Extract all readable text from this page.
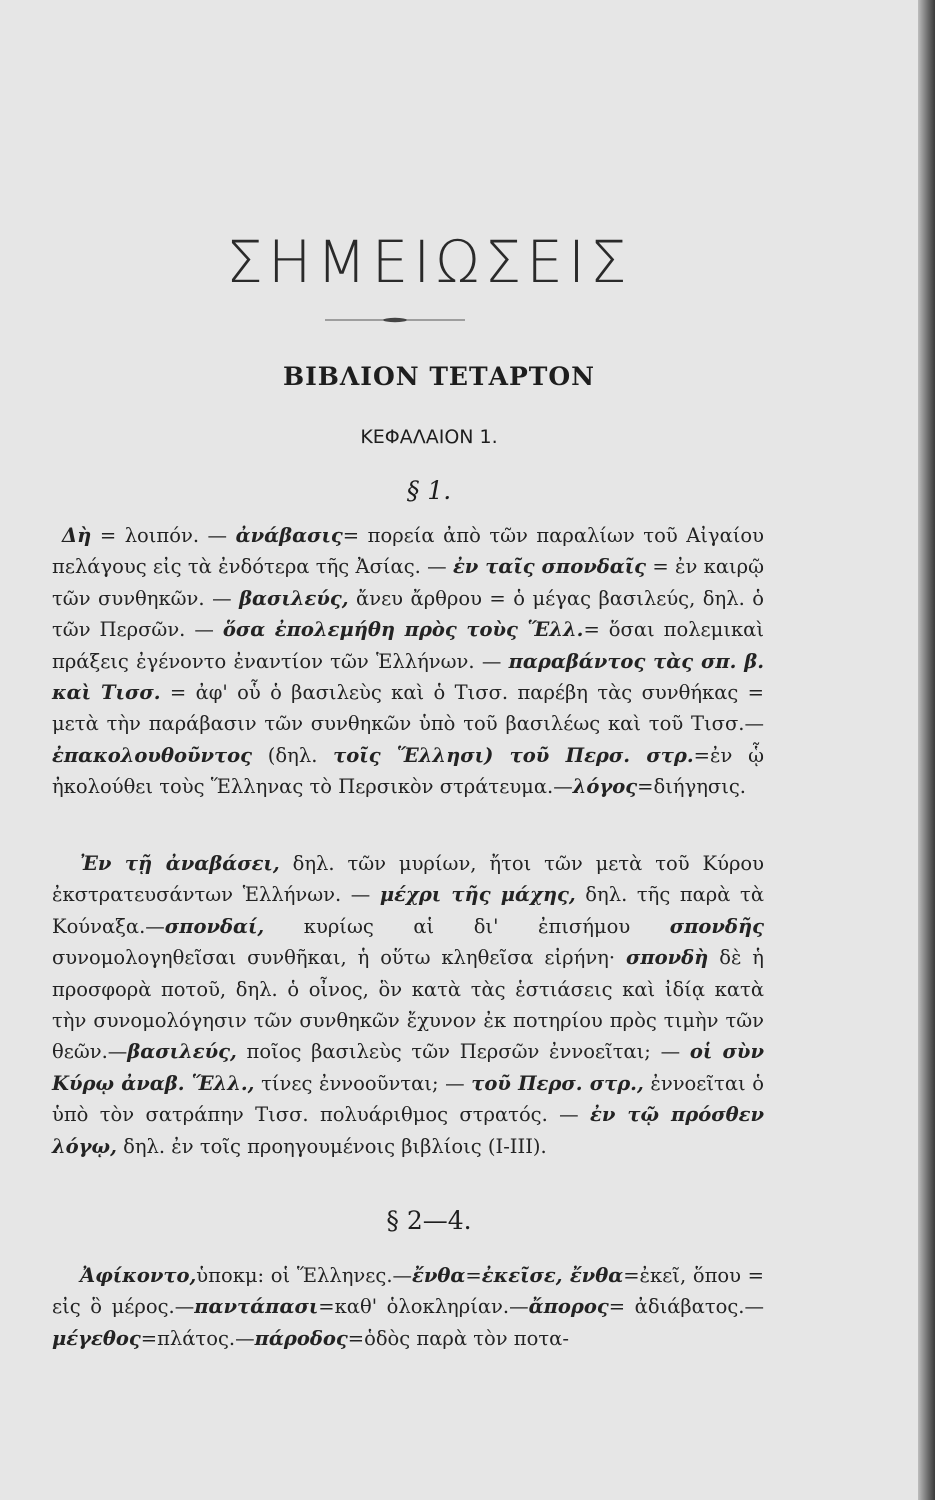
ΣΗΜΕΙΩΣΕΙΣ
ΒΙΒΛΙΟΝ ΤΕΤΑΡΤΟΝ
ΚΕΦΑΛΑΙΟΝ 1.
§ 1.
Δὴ = λοιπόν. — ἀνάβασις= πορεία ἀπὸ τῶν παραλίων τοῦ Αἰγαίου πελάγους εἰς τὰ ἐνδότερα τῆς Ἀσίας. — ἐν ταῖς σπονδαῖς = ἐν καιρῷ τῶν συνθηκῶν. — βασιλεύς, ἄνευ ἄρθρου = ὁ μέγας βασιλεύς, δηλ. ὁ τῶν Περσῶν. — ὅσα ἐπολεμήθη πρὸς τοὺς Ἕλλ.= ὅσαι πολεμικαὶ πράξεις ἐγένοντο ἐναντίον τῶν Ἑλλήνων. — παραβάντος τὰς σπ. β. καὶ Τισσ. = ἀφ' οὗ ὁ βασιλεὺς καὶ ὁ Τισσ. παρέβη τὰς συνθήκας = μετὰ τὴν παράβασιν τῶν συνθηκῶν ὑπὸ τοῦ βασιλέως καὶ τοῦ Τισσ.—ἐπακολουθοῦντος (δηλ. τοῖς Ἕλλησι) τοῦ Περσ. στρ.=ἐν ᾧ ἠκολούθει τοὺς Ἕλληνας τὸ Περσικὸν στράτευμα.—λόγος=διήγησις.
Ἐν τῇ ἀναβάσει, δηλ. τῶν μυρίων, ἤτοι τῶν μετὰ τοῦ Κύρου ἐκστρατευσάντων Ἑλλήνων. — μέχρι τῆς μάχης, δηλ. τῆς παρὰ τὰ Κούναξα.—σπονδαί, κυρίως αἱ δι' ἐπισήμου σπονδῆς συνομολογηθεῖσαι συνθῆκαι, ἡ οὕτω κληθεῖσα εἰρήνη· σπονδὴ δὲ ἡ προσφορὰ ποτοῦ, δηλ. ὁ οἶνος, ὃν κατὰ τὰς ἑστιάσεις καὶ ἰδίᾳ κατὰ τὴν συνομολόγησιν τῶν συνθηκῶν ἔχυνον ἐκ ποτηρίου πρὸς τιμὴν τῶν θεῶν.—βασιλεύς, ποῖος βασιλεὺς τῶν Περσῶν ἐννοεῖται; — οἱ σὺν Κύρῳ ἀναβ. Ἕλλ., τίνες ἐννοοῦνται; — τοῦ Περσ. στρ., ἐννοεῖται ὁ ὑπὸ τὸν σατράπην Τισσ. πολυάριθμος στρατός. — ἐν τῷ πρόσθεν λόγῳ, δηλ. ἐν τοῖς προηγουμένοις βιβλίοις (I-III).
§ 2—4.
Ἀφίκοντο,ὑποκμ: οἱ Ἕλληνες.—ἔνθα=ἐκεῖσε, ἔνθα=ἐκεῖ, ὅπου = εἰς ὃ μέρος.—παντάπασι=καθ' ὁλοκληρίαν.—ἄπορος= ἀδιάβατος.—μέγεθος=πλάτος.—πάροδος=ὁδὸς παρὰ τὸν ποτα-
